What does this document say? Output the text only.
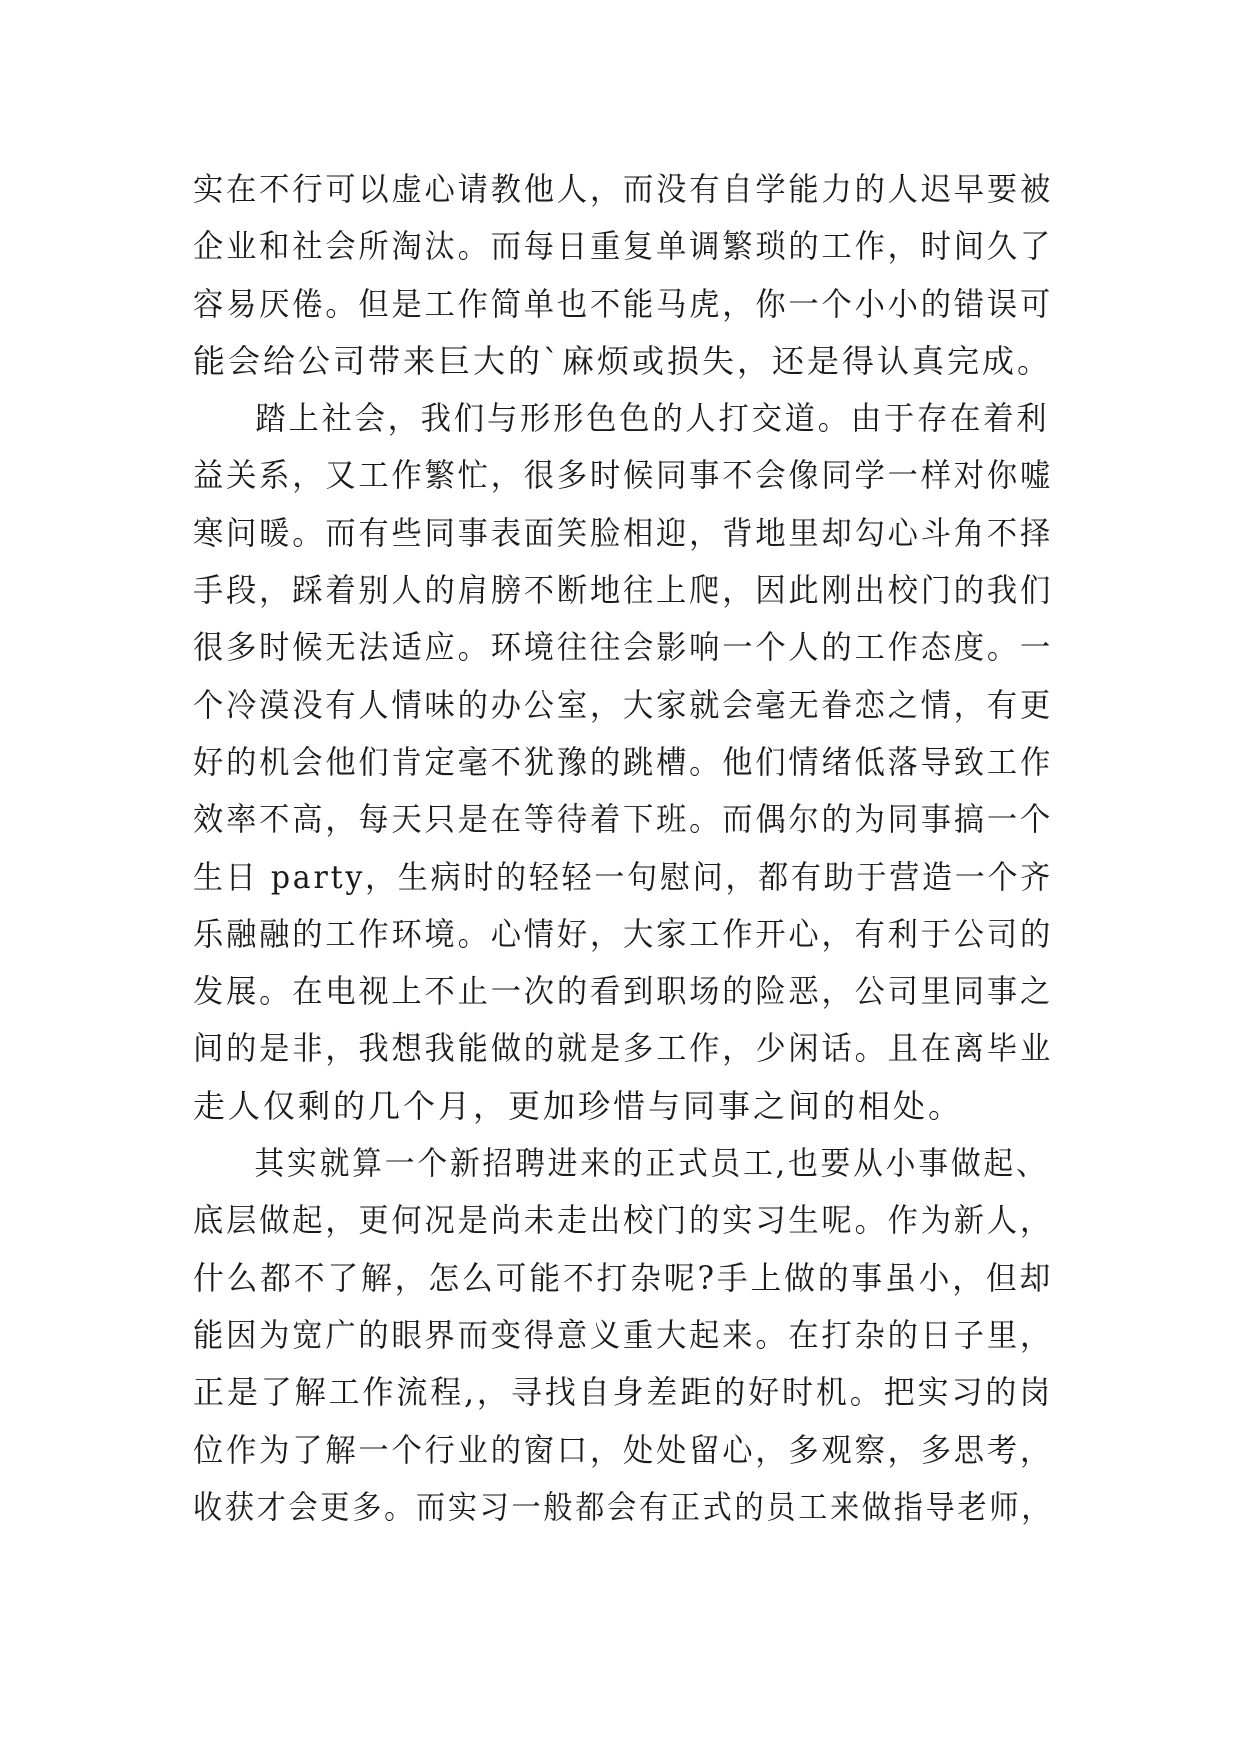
实在不行可以虚心请教他人，而没有自学能力的人迟早要被
企业和社会所淘汰。而每日重复单调繁琐的工作，时间久了
容易厌倦。但是工作简单也不能马虎，你一个小小的错误可
能会给公司带来巨大的`麻烦或损失，还是得认真完成。
踏上社会，我们与形形色色的人打交道。由于存在着利
益关系，又工作繁忙，很多时候同事不会像同学一样对你嘘
寒问暖。而有些同事表面笑脸相迎，背地里却勾心斗角不择
手段，踩着别人的肩膀不断地往上爬，因此刚出校门的我们
很多时候无法适应。环境往往会影响一个人的工作态度。一
个冷漠没有人情味的办公室，大家就会毫无眷恋之情，有更
好的机会他们肯定毫不犹豫的跳槽。他们情绪低落导致工作
效率不高，每天只是在等待着下班。而偶尔的为同事搞一个
生日 party，生病时的轻轻一句慰问，都有助于营造一个齐
乐融融的工作环境。心情好，大家工作开心，有利于公司的
发展。在电视上不止一次的看到职场的险恶，公司里同事之
间的是非，我想我能做的就是多工作，少闲话。且在离毕业
走人仅剩的几个月，更加珍惜与同事之间的相处。
其实就算一个新招聘进来的正式员工,也要从小事做起、
底层做起，更何况是尚未走出校门的实习生呢。作为新人，
什么都不了解，怎么可能不打杂呢?手上做的事虽小，但却
能因为宽广的眼界而变得意义重大起来。在打杂的日子里，
正是了解工作流程,，寻找自身差距的好时机。把实习的岗
位作为了解一个行业的窗口，处处留心，多观察，多思考，
收获才会更多。而实习一般都会有正式的员工来做指导老师，
